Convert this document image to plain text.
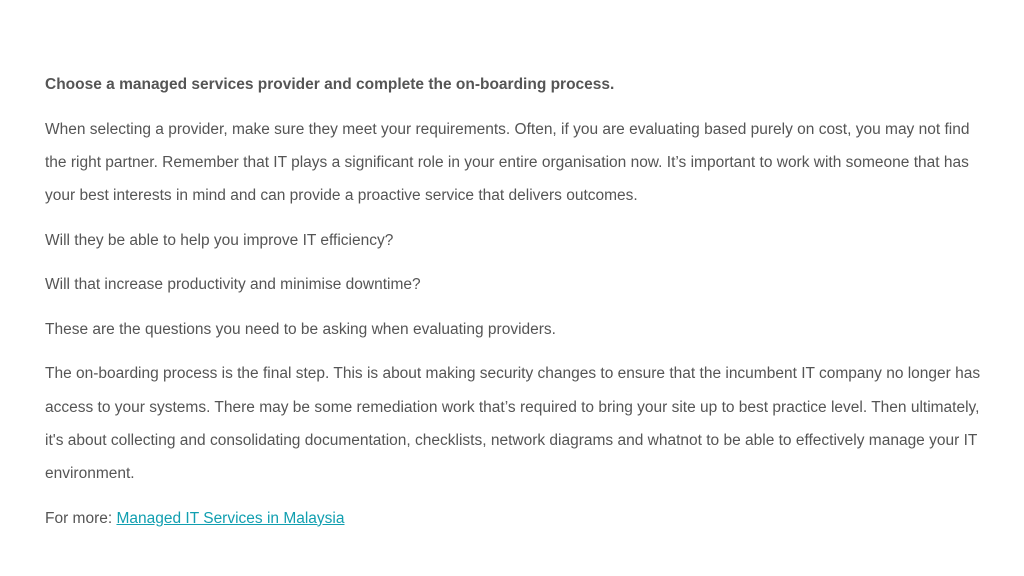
Choose a managed services provider and complete the on-boarding process.

When selecting a provider, make sure they meet your requirements. Often, if you are evaluating based purely on cost, you may not find the right partner. Remember that IT plays a significant role in your entire organisation now. It’s important to work with someone that has your best interests in mind and can provide a proactive service that delivers outcomes.

Will they be able to help you improve IT efficiency?

Will that increase productivity and minimise downtime?

These are the questions you need to be asking when evaluating providers.

The on-boarding process is the final step. This is about making security changes to ensure that the incumbent IT company no longer has access to your systems. There may be some remediation work that’s required to bring your site up to best practice level. Then ultimately, it's about collecting and consolidating documentation, checklists, network diagrams and whatnot to be able to effectively manage your IT environment.

For more: Managed IT Services in Malaysia
